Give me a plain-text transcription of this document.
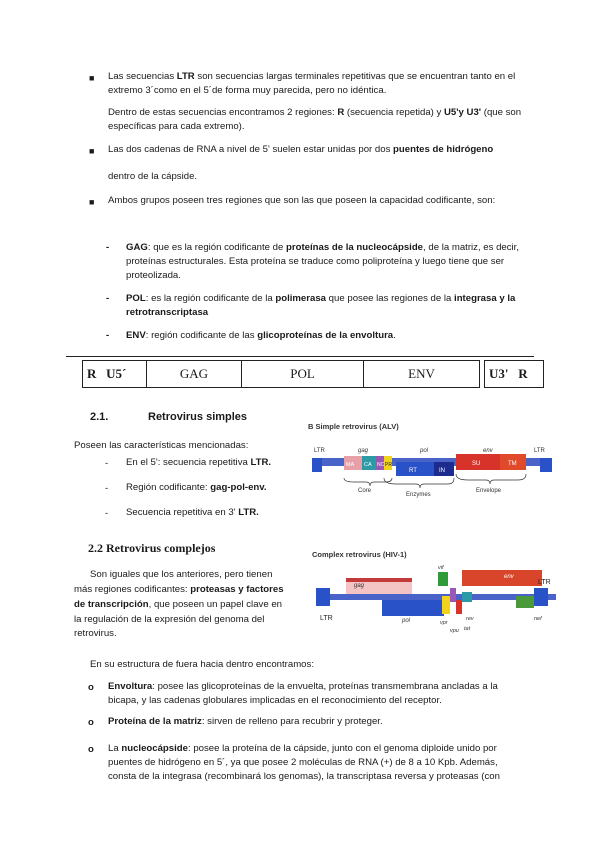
■ Las secuencias LTR son secuencias largas terminales repetitivas que se encuentran tanto en el
extremo 3´como en el 5´de forma muy parecida, pero no idéntica.
Dentro de estas secuencias encontramos 2 regiones: R (secuencia repetida) y U5'y U3' (que son
específicas para cada extremo).
■ Las dos cadenas de RNA a nivel de 5' suelen estar unidas por dos puentes de hidrógeno
dentro de la cápside.
■ Ambos grupos poseen tres regiones que son las que poseen la capacidad codificante, son:
- GAG: que es la región codificante de proteínas de la nucleocápside, de la matriz, es decir,
proteínas estructurales. Esta proteína se traduce como poliproteína y luego tiene que ser
proteolizada.
- POL: es la región codificante de la polimerasa que posee las regiones de la integrasa y la
retrotranscriptasa
- ENV: región codificante de las glicoproteínas de la envoltura.
R   U5´	GAG	POL	ENV	U3'   R
2.1.	Retrovirus simples
Poseen las características mencionadas:
- En el 5': secuencia repetitiva LTR.
- Región codificante: gag-pol-env.
- Secuencia repetitiva en 3' LTR.
B Simple retrovirus (ALV)
LTR	gag	pol	env	LTR
MA CA NC PR
RT	IN
SU	TM
Core
Enzymes
Envelope
2.2 Retrovirus complejos
Son iguales que los anteriores, pero tienen
más regiones codificantes: proteasas y factores
de transcripción, que poseen un papel clave en
la regulación de la expresión del genoma del
retrovirus.
Complex retrovirus (HIV-1)
gag
env
vif
pol	vpr
vpu tat
rev	nef
LTR
LTR
En su estructura de fuera hacia dentro encontramos:
o Envoltura: posee las glicoproteínas de la envuelta, proteínas transmembrana ancladas a la
bicapa, y las cadenas globulares implicadas en el reconocimiento del receptor.
o Proteína de la matriz: sirven de relleno para recubrir y proteger.
o La nucleocápside: posee la proteína de la cápside, junto con el genoma diploide unido por
puentes de hidrógeno en 5´, ya que posee 2 moléculas de RNA (+) de 8 a 10 Kpb. Además,
consta de la integrasa (recombinará los genomas), la transcriptasa reversa y proteasas (con
